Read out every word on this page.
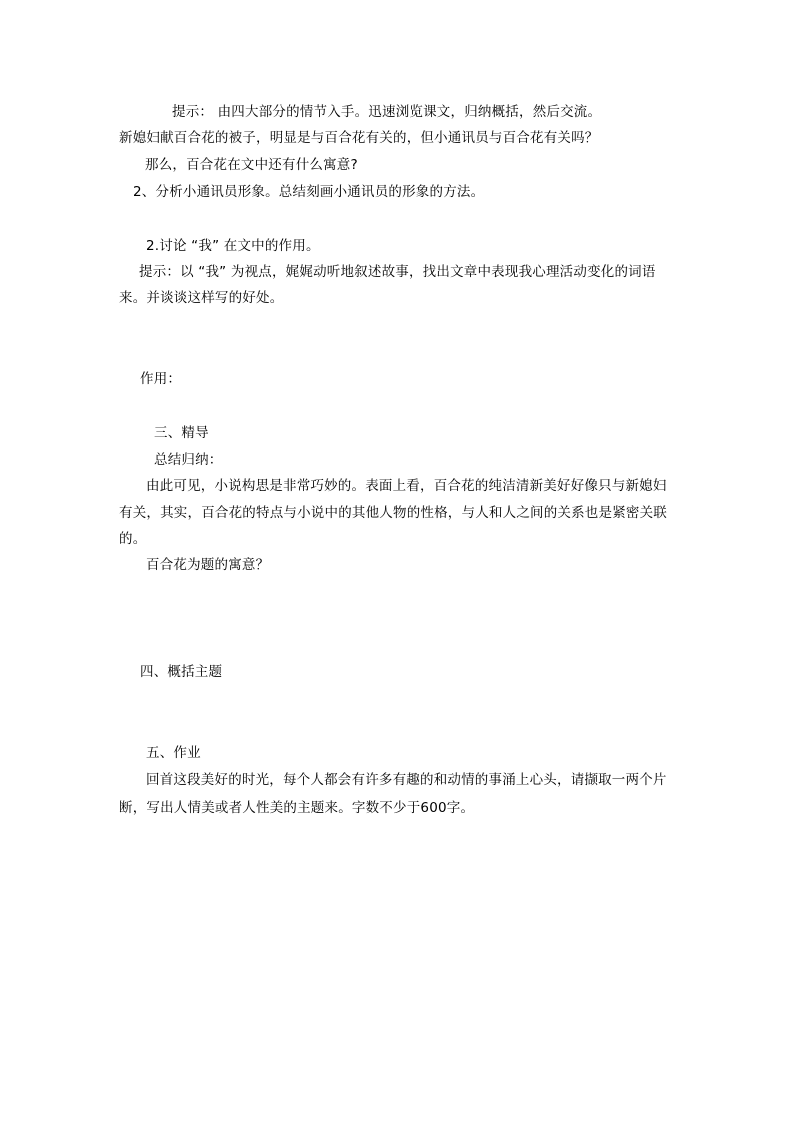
提示： 由四大部分的情节入手。迅速浏览课文，归纳概括，然后交流。
新媳妇献百合花的被子，明显是与百合花有关的，但小通讯员与百合花有关吗？
那么，百合花在文中还有什么寓意?
2、分析小通讯员形象。总结刻画小通讯员的形象的方法。
2.讨论 “我” 在文中的作用。
提示：以 “我” 为视点，娓娓动听地叙述故事，找出文章中表现我心理活动变化的词语
来。并谈谈这样写的好处。
作用：
三、精导
总结归纳：
由此可见，小说构思是非常巧妙的。表面上看，百合花的纯洁清新美好好像只与新媳妇
有关，其实，百合花的特点与小说中的其他人物的性格，与人和人之间的关系也是紧密关联
的。
百合花为题的寓意？
四、概括主题
五、作业
回首这段美好的时光，每个人都会有许多有趣的和动情的事涌上心头，请撷取一两个片
断，写出人情美或者人性美的主题来。字数不少于600字。
